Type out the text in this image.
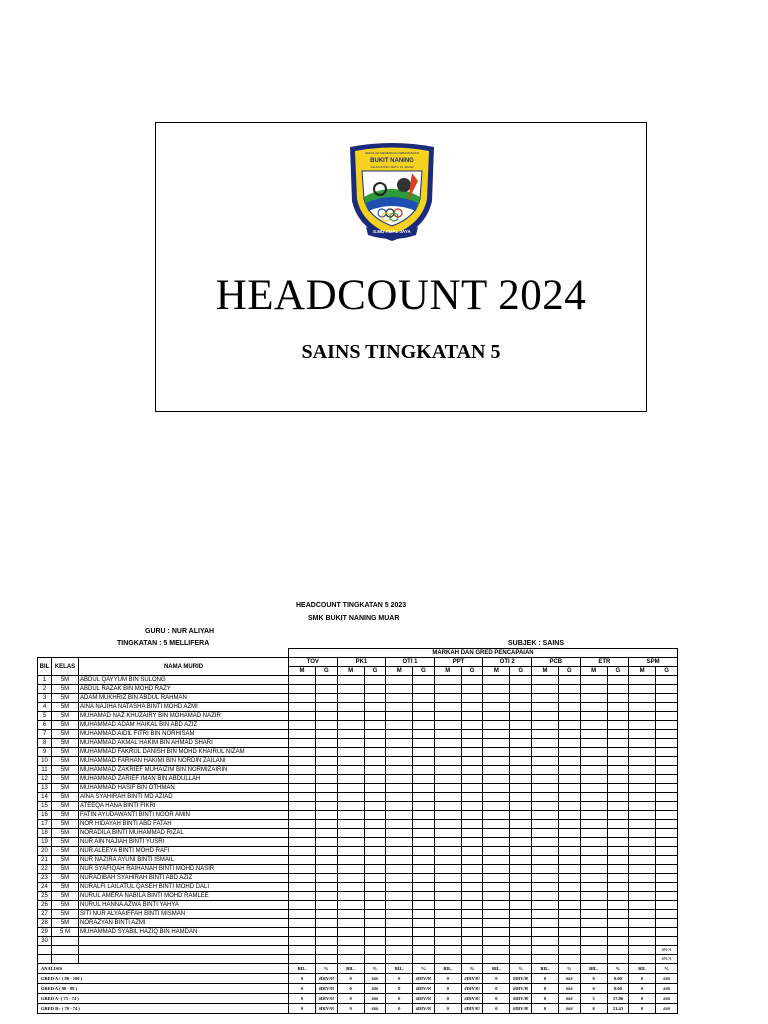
SEKOLAH MENENGAH KEBANGSAAN
BUKIT NANING
JALAN INTAN, BATU 13, MUAR
ILMU AMAL JAYA
HEADCOUNT 2024
SAINS TINGKATAN 5
HEADCOUNT TINGKATAN 5 2023
SMK BUKIT NANING MUAR
GURU : NUR ALIYAH
TINGKATAN : 5 MELLIFERA	SUBJEK : SAINS
			MARKAH DAN GRED PENCAPAIAN															
BIL	KELAS	NAMA MURID	TOV		PK1		OTI 1		PPT		OTI 2		PCB		ETR		SPM	
			M	G	M	G	M	G	M	G	M	G	M	G	M	G	M	G
1	5M	ABDUL QAYYUM BIN SULONG																
2	5M	ABDUL RAZAK BIN MOHD RAZY																
3	5M	ADAM MUKHRIZ BIN ABDUL RAHMAN																
4	5M	AINA NAJIHA NATASHA BINTI MOHD AZMI																
5	5M	MUHAMAD NAZ KHUZAIRY BIN MOHAMAD NAZIR																
6	5M	MUHAMMAD ADAM HAIKAL BIN ABD AZIZ																
7	5M	MUHAMMAD AIDIL FITRI BIN NORHISAM																
8	5M	MUHAMMAD AKMAL HAKIM BIN AHMAD SHARI																
9	5M	MUHAMMAD FAKRUL DANISH BIN MOHD KHAIRUL NIZAM																
10	5M	MUHAMMAD FARHAN HAKIMI BIN NORDIN ZAILANI																
11	5M	MUHAMMAD ZAKRIEF MUHAIZIM BIN NORMIZAIRIN																
12	5M	MUHAMMAD ZARIEF IMAN BIN ABDULLAH																
13	5M	MUHAMMAD HASIF BIN OTHMAN																
14	5M	AINA SYAHIRAH BINTI MD AZIAD																
15	5M	ATEEQA HANA BINTI FIKRI																
16	5M	FATIN AYUDAWANTI BINTI NOOR AMIN																
17	5M	NOR HIDAYAH BINTI ABD FATAH																
18	5M	NORADILA BINTI MUHAMMAD RIZAL																
19	5M	NUR AIN NAJIAH BINTI YUSRI																
20	5M	NUR ALEEYA BINTI MOHD RAFI																
21	5M	NUR NAZIRA AYUNI BINTI ISMAIL																
22	5M	NUR SYAFIQAH RAIHANAH BINTI MOHD.NASIR																
23	5M	NURADIBAH SYAHIRAH BINTI ABD AZIZ																
24	5M	NURALFI LAILATUL QASEH BINTI MOHD DALI																
25	5M	NURUL AMERA NABILA BINTI MOHD RAMLEE																
26	5M	NURUL HANNA AZWA BINTI YAHYA																
27	5M	SITI NUR ALYAAIFFAH BINTI MISMAN																
28	5M	NORAZYAN BINTI AZMI																
29	5 M	MUHAMMAD SYABIL HAZIQ BIN HAMDAN																
30																		
																		#N/A
																		#N/A
ANALISIS			BIL.	%	BIL.	%	BIL.	%	BIL.	%	BIL.	%	BIL.	%	BIL.	%	BIL	%
GRED A+ ( 90 - 100 )			0	#DIV/0!	0	###	0	#DIV/0!	0	#DIV/0!	0	#DIV/0!	0	###	0	0.00	0	###
GRED A ( 80 - 89 )			0	#DIV/0!	0	###	0	#DIV/0!	0	#DIV/0!	0	#DIV/0!	0	###	0	0.00	0	###
GRED A- ( 75 - 74 )			0	#DIV/0!	0	###	0	#DIV/0!	0	#DIV/0!	0	#DIV/0!	0	###	5	17.86	0	###
GRED B+ ( 70 - 74 )			0	#DIV/0!	0	###	0	#DIV/0!	0	#DIV/0!	0	#DIV/0!	0	###	6	21.43	0	###
